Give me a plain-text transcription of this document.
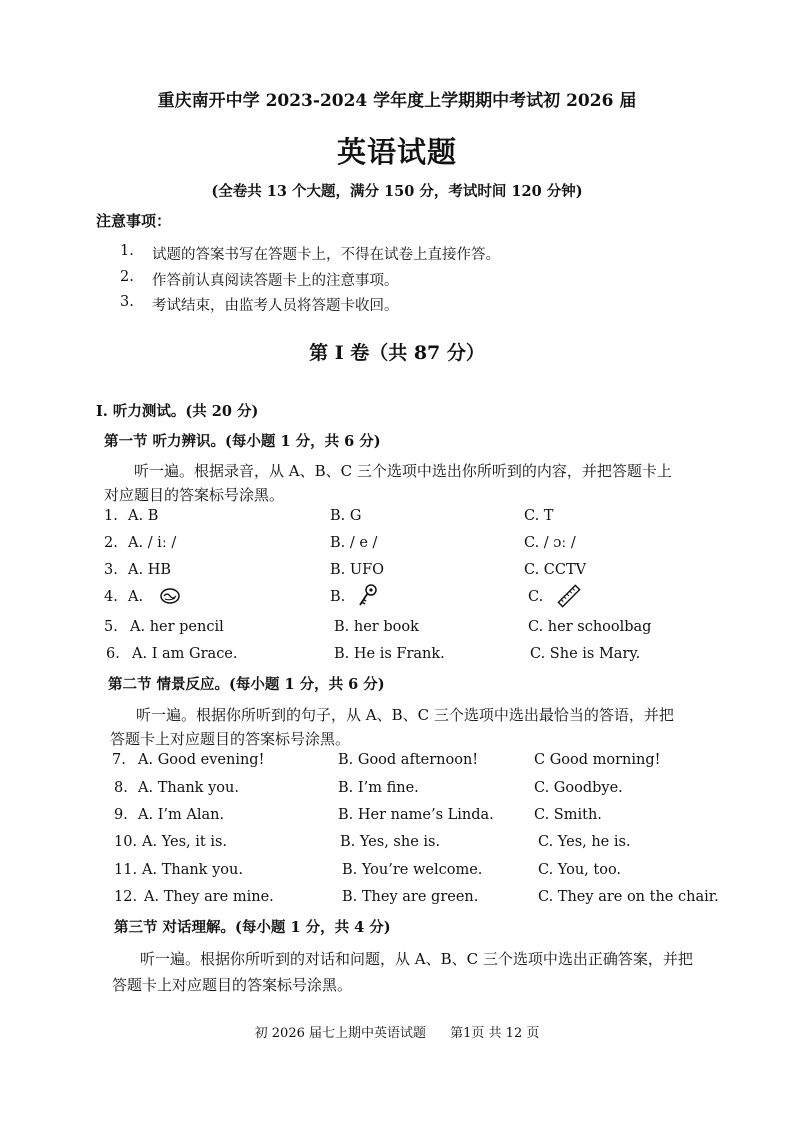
重庆南开中学 2023-2024 学年度上学期期中考试初 2026 届
英语试题
(全卷共 13 个大题，满分 150 分，考试时间 120 分钟)
注意事项：
1. 试题的答案书写在答题卡上，不得在试卷上直接作答。
2. 作答前认真阅读答题卡上的注意事项。
3. 考试结束，由监考人员将答题卡收回。
第 I 卷（共 87 分）
I. 听力测试。(共 20 分)
第一节 听力辨识。(每小题 1 分，共 6 分)
听一遍。根据录音，从 A、B、C 三个选项中选出你所听到的内容，并把答题卡上
对应题目的答案标号涂黑。
1. A. B	B. G	C. T
2. A. / iː /	B. / e /	C. / ɔː /
3. A. HB	B. UFO	C. CCTV
4. A.	B.	C.
5. A. her pencil	B. her book	C. her schoolbag
6. A. I am Grace.	B. He is Frank.	C. She is Mary.
第二节 情景反应。(每小题 1 分，共 6 分)
听一遍。根据你所听到的句子，从 A、B、C 三个选项中选出最恰当的答语，并把
答题卡上对应题目的答案标号涂黑。
7. A. Good evening!	B. Good afternoon!	C Good morning!
8. A. Thank you.	B. I’m fine.	C. Goodbye.
9. A. I’m Alan.	B. Her name’s Linda.	C. Smith.
10. A. Yes, it is.	B. Yes, she is.	C. Yes, he is.
11. A. Thank you.	B. You’re welcome.	C. You, too.
12. A. They are mine.	B. They are green.	C. They are on the chair.
第三节 对话理解。(每小题 1 分，共 4 分)
听一遍。根据你所听到的对话和问题，从 A、B、C 三个选项中选出正确答案，并把
答题卡上对应题目的答案标号涂黑。
初 2026 届七上期中英语试题 第1页 共 12 页
